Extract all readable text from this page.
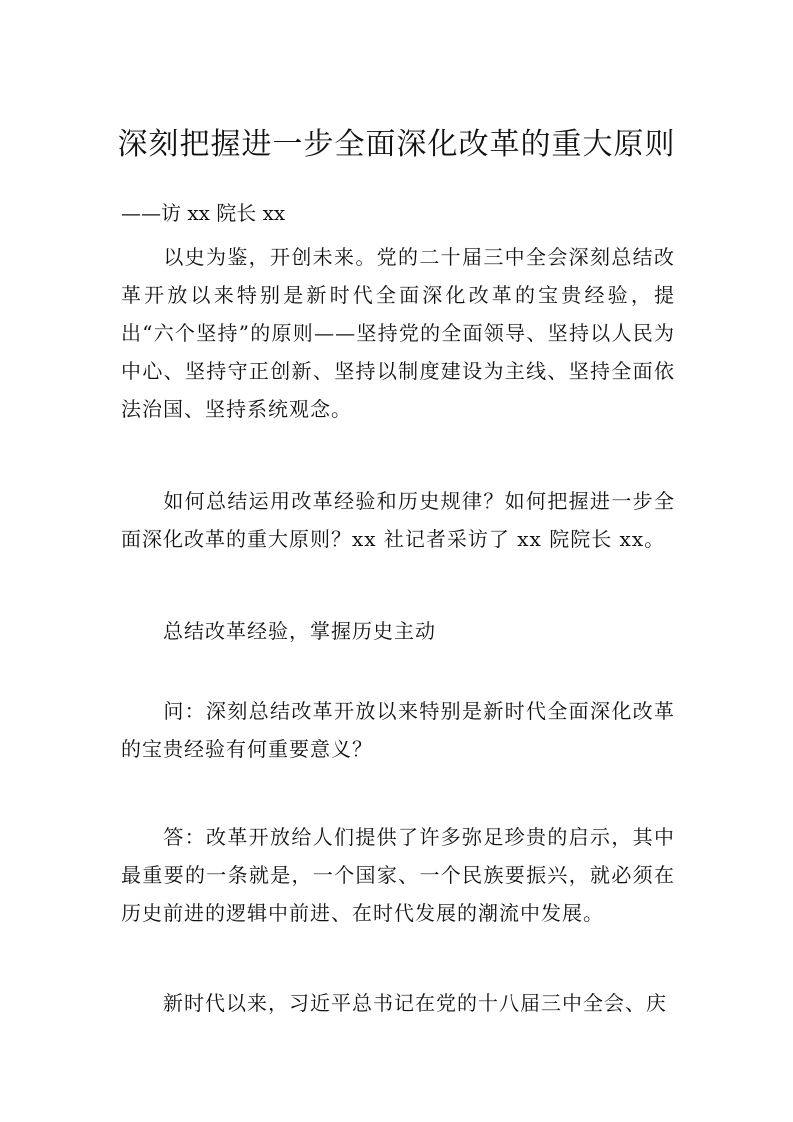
深刻把握进一步全面深化改革的重大原则

——访 xx 院长 xx

以史为鉴，开创未来。党的二十届三中全会深刻总结改革开放以来特别是新时代全面深化改革的宝贵经验，提出“六个坚持”的原则——坚持党的全面领导、坚持以人民为中心、坚持守正创新、坚持以制度建设为主线、坚持全面依法治国、坚持系统观念。

如何总结运用改革经验和历史规律？如何把握进一步全面深化改革的重大原则？xx 社记者采访了 xx 院院长 xx。

总结改革经验，掌握历史主动

问：深刻总结改革开放以来特别是新时代全面深化改革的宝贵经验有何重要意义？

答：改革开放给人们提供了许多弥足珍贵的启示，其中最重要的一条就是，一个国家、一个民族要振兴，就必须在历史前进的逻辑中前进、在时代发展的潮流中发展。

新时代以来，习近平总书记在党的十八届三中全会、庆
